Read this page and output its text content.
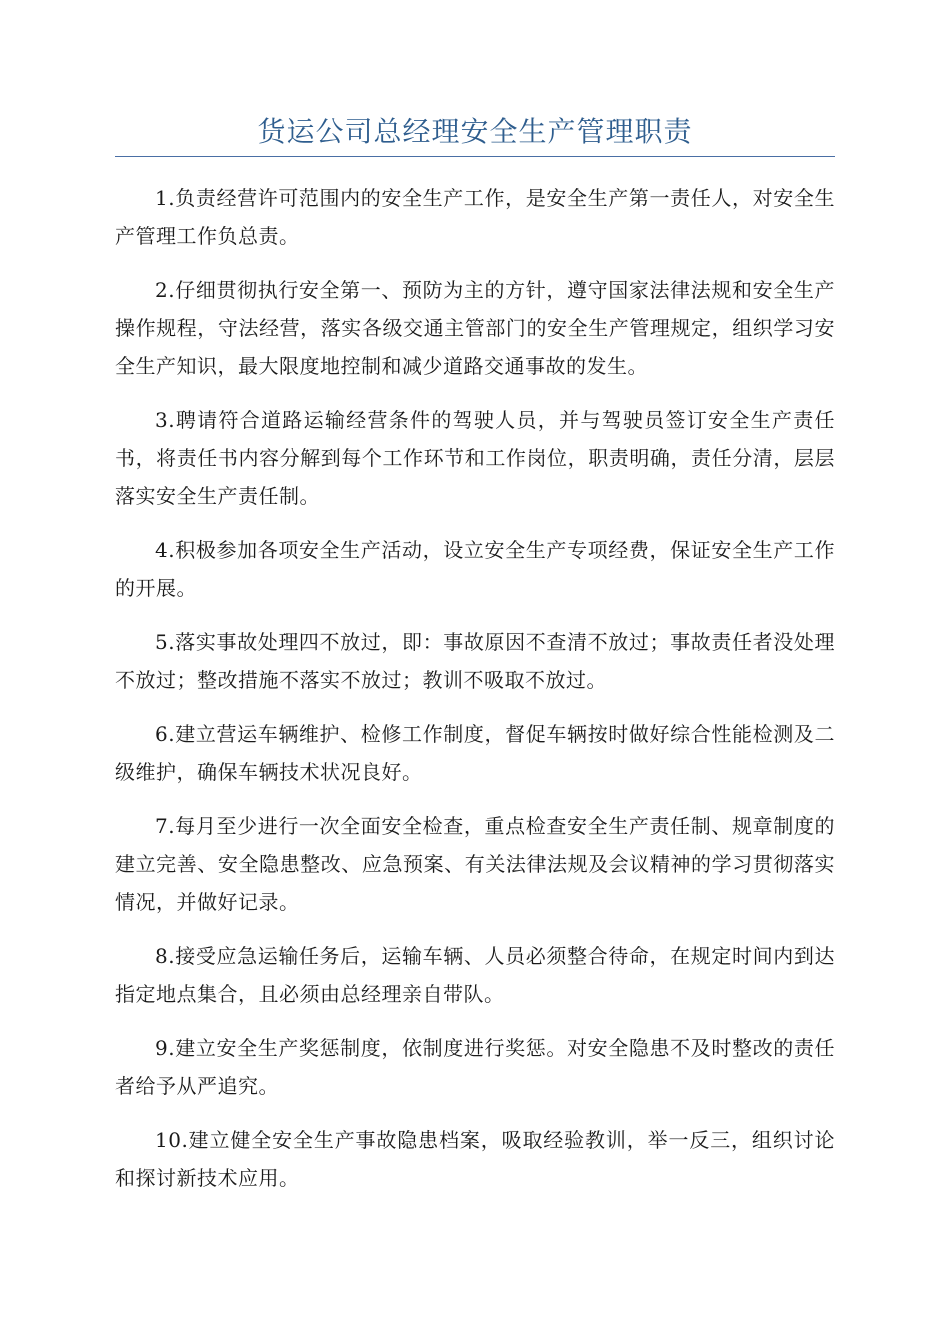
货运公司总经理安全生产管理职责

1.负责经营许可范围内的安全生产工作，是安全生产第一责任人，对安全生产管理工作负总责。

2.仔细贯彻执行安全第一、预防为主的方针，遵守国家法律法规和安全生产操作规程，守法经营，落实各级交通主管部门的安全生产管理规定，组织学习安全生产知识，最大限度地控制和减少道路交通事故的发生。

3.聘请符合道路运输经营条件的驾驶人员，并与驾驶员签订安全生产责任书，将责任书内容分解到每个工作环节和工作岗位，职责明确，责任分清，层层落实安全生产责任制。

4.积极参加各项安全生产活动，设立安全生产专项经费，保证安全生产工作的开展。

5.落实事故处理四不放过，即：事故原因不查清不放过；事故责任者没处理不放过；整改措施不落实不放过；教训不吸取不放过。

6.建立营运车辆维护、检修工作制度，督促车辆按时做好综合性能检测及二级维护，确保车辆技术状况良好。

7.每月至少进行一次全面安全检查，重点检查安全生产责任制、规章制度的建立完善、安全隐患整改、应急预案、有关法律法规及会议精神的学习贯彻落实情况，并做好记录。

8.接受应急运输任务后，运输车辆、人员必须整合待命，在规定时间内到达指定地点集合，且必须由总经理亲自带队。

9.建立安全生产奖惩制度，依制度进行奖惩。对安全隐患不及时整改的责任者给予从严追究。

10.建立健全安全生产事故隐患档案，吸取经验教训，举一反三，组织讨论和探讨新技术应用。
